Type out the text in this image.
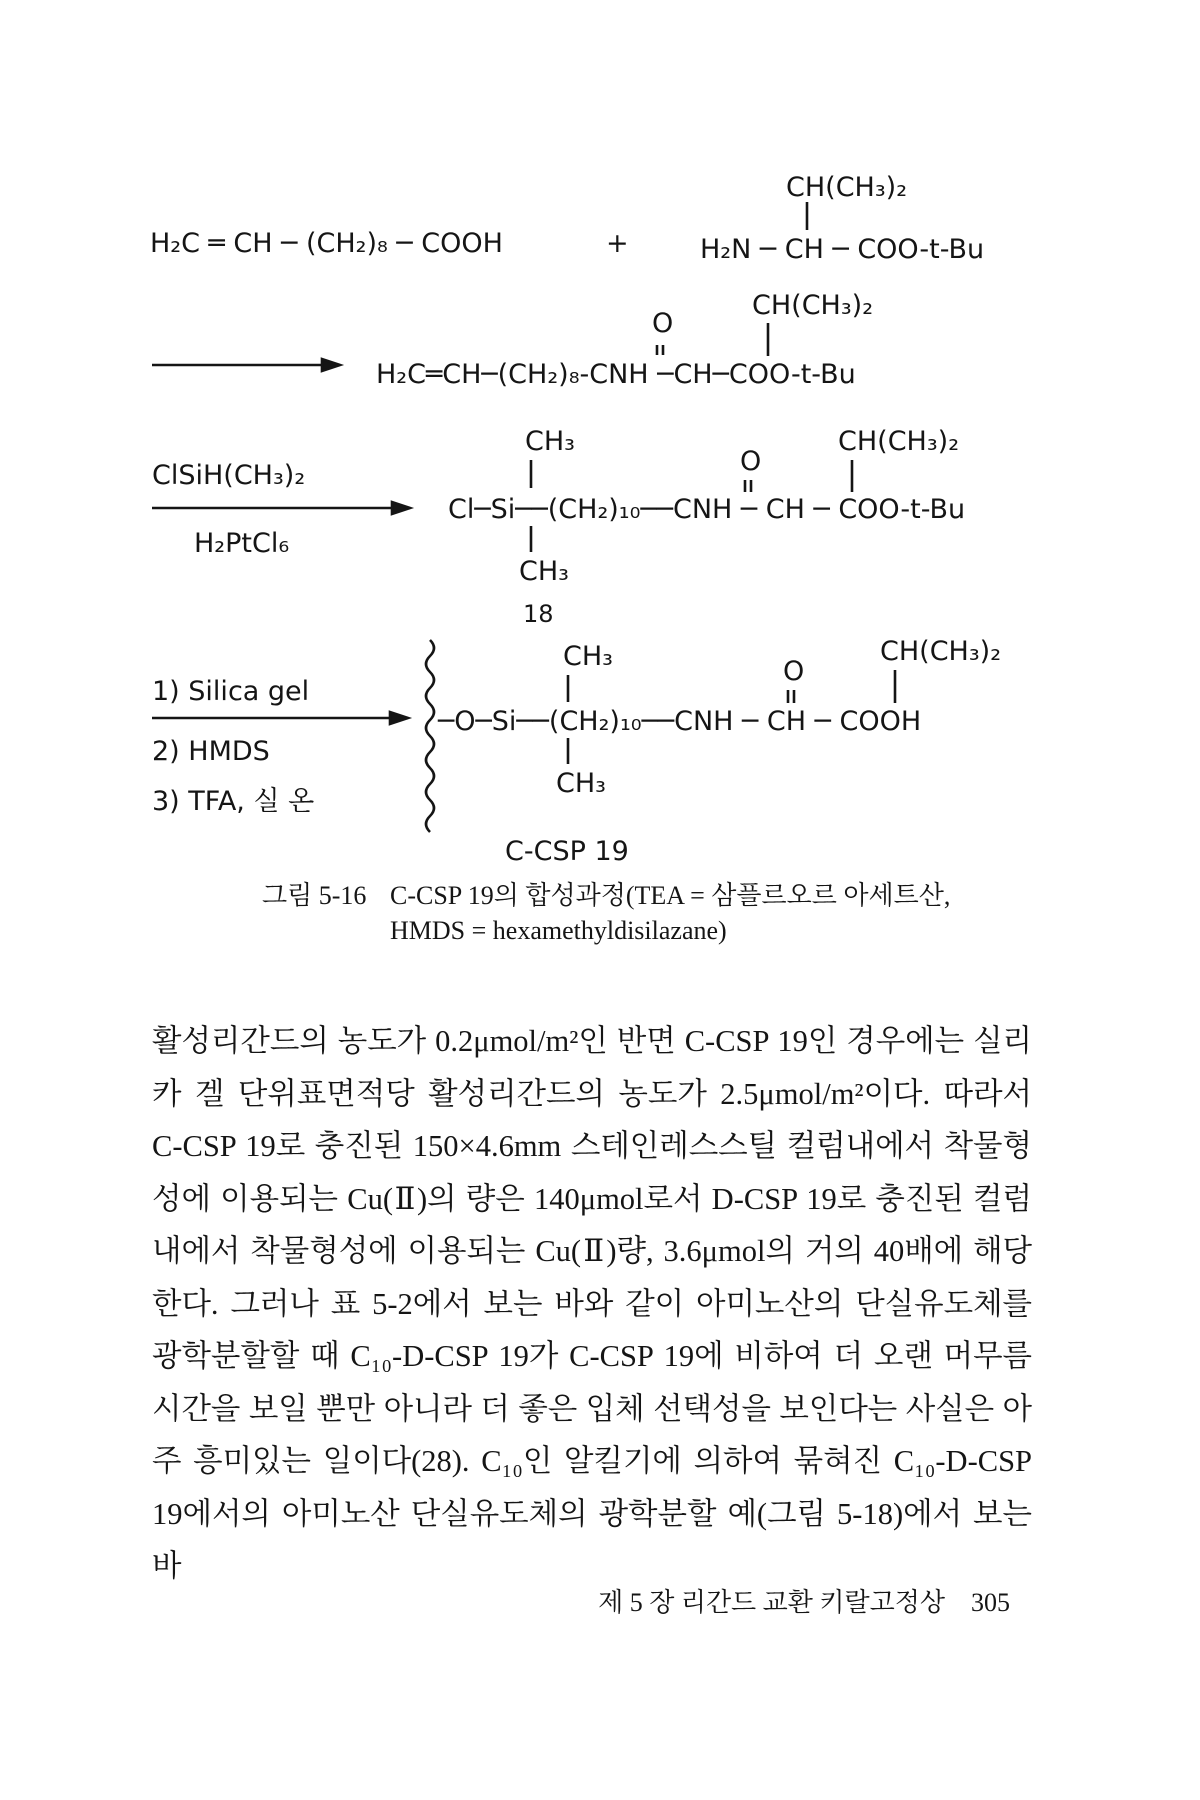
H₂C ═ CH ─ (CH₂)₈ ─ COOH	+
CH(CH₃)₂
H₂N ─ CH ─ COO-t-Bu
O
CH(CH₃)₂
H₂C═CH─(CH₂)₈-CNH ─CH─COO-t-Bu
ClSiH(CH₃)₂
H₂PtCl₆
CH₃
O
CH(CH₃)₂
Cl─Si──(CH₂)₁₀──CNH ─ CH ─ COO-t-Bu
CH₃
18
1) Silica gel
2) HMDS
3) TFA, 실 온
CH₃	O
CH(CH₃)₂
─O─Si──(CH₂)₁₀──CNH ─ CH ─ COOH
CH₃
C-CSP 19
그림 5-16 C-CSP 19의 합성과정(TEA = 삼플르오르 아세트산,
HMDS = hexamethyldisilazane)

활성리간드의 농도가 0.2μmol/m²인 반면 C-CSP 19인 경우에는 실리카 겔 단위표면적당 활성리간드의 농도가 2.5μmol/m²이다. 따라서 C-CSP 19로 충진된 150×4.6mm 스테인레스스틸 컬럼내에서 착물형성에 이용되는 Cu(Ⅱ)의 량은 140μmol로서 D-CSP 19로 충진된 컬럼내에서 착물형성에 이용되는 Cu(Ⅱ)량, 3.6μmol의 거의 40배에 해당한다. 그러나 표 5-2에서 보는 바와 같이 아미노산의 단실유도체를 광학분할할 때 C₁₀-D-CSP 19가 C-CSP 19에 비하여 더 오랜 머무름 시간을 보일 뿐만 아니라 더 좋은 입체 선택성을 보인다는 사실은 아주 흥미있는 일이다(28). C₁₀인 알킬기에 의하여 묶혀진 C₁₀-D-CSP 19에서의 아미노산 단실유도체의 광학분할 예(그림 5-18)에서 보는 바

제 5 장 리간드 교환 키랄고정상 305
